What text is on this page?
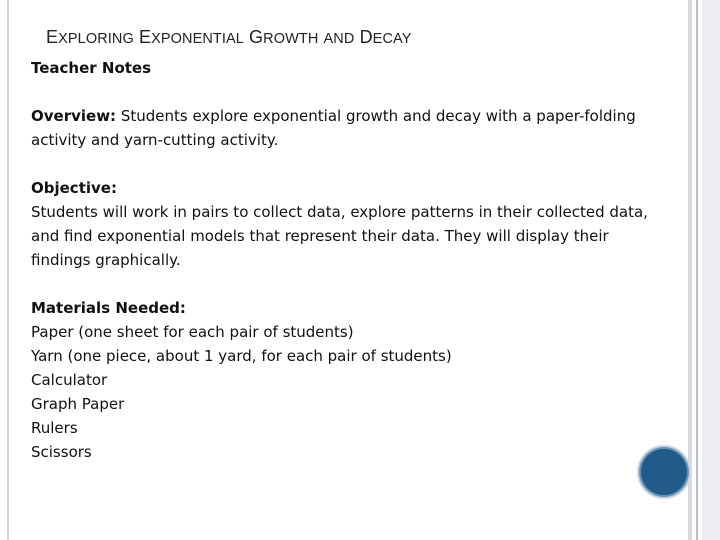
EXPLORING EXPONENTIAL GROWTH AND DECAY
Teacher Notes

Overview: Students explore exponential growth and decay with a paper-folding activity and yarn-cutting activity.

Objective:

Students will work in pairs to collect data, explore patterns in their collected data, and find exponential models that represent their data. They will display their findings graphically.

Materials Needed:
Paper (one sheet for each pair of students)
Yarn (one piece, about 1 yard, for each pair of students)
Calculator
Graph Paper
Rulers
Scissors
